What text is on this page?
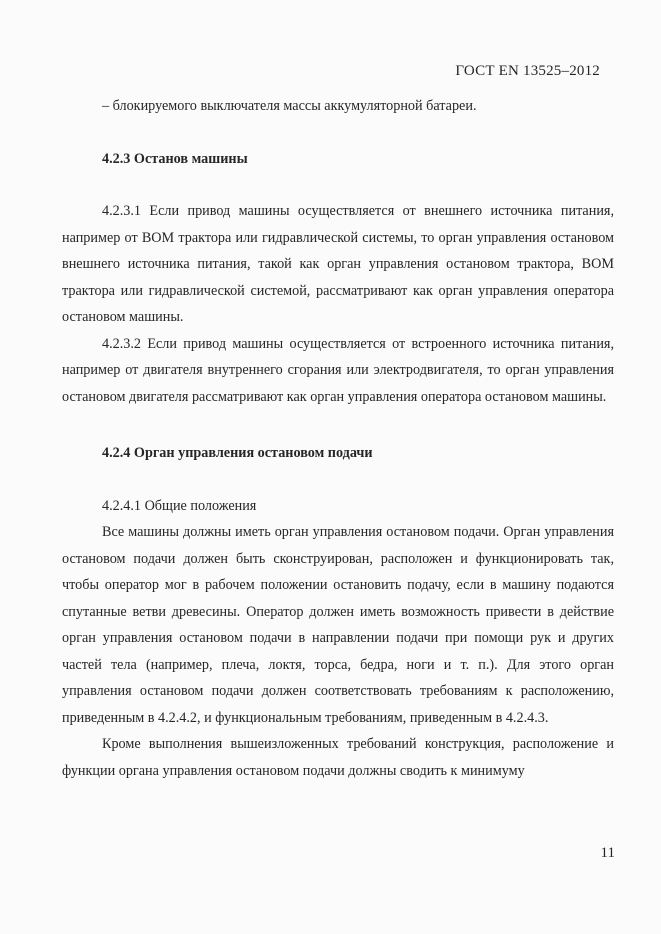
ГОСТ EN 13525–2012

– блокируемого выключателя массы аккумуляторной батареи.

4.2.3 Останов машины

4.2.3.1 Если привод машины осуществляется от внешнего источника питания, например от ВОМ трактора или гидравлической системы, то орган управления остановом внешнего источника питания, такой как орган управления остановом трактора, ВОМ трактора или гидравлической системой, рассматривают как орган управления оператора остановом машины.

4.2.3.2 Если привод машины осуществляется от встроенного источника питания, например от двигателя внутреннего сгорания или электродвигателя, то орган управления остановом двигателя рассматривают как орган управления оператора остановом машины.

4.2.4 Орган управления остановом подачи

4.2.4.1 Общие положения

Все машины должны иметь орган управления остановом подачи. Орган управления остановом подачи должен быть сконструирован, расположен и функционировать так, чтобы оператор мог в рабочем положении остановить подачу, если в машину подаются спутанные ветви древесины. Оператор должен иметь возможность привести в действие орган управления остановом подачи в направлении подачи при помощи рук и других частей тела (например, плеча, локтя, торса, бедра, ноги и т. п.). Для этого орган управления остановом подачи должен соответствовать требованиям к расположению, приведенным в 4.2.4.2, и функциональным требованиям, приведенным в 4.2.4.3.

Кроме выполнения вышеизложенных требований конструкция, расположение и функции органа управления остановом подачи должны сводить к минимуму

11
